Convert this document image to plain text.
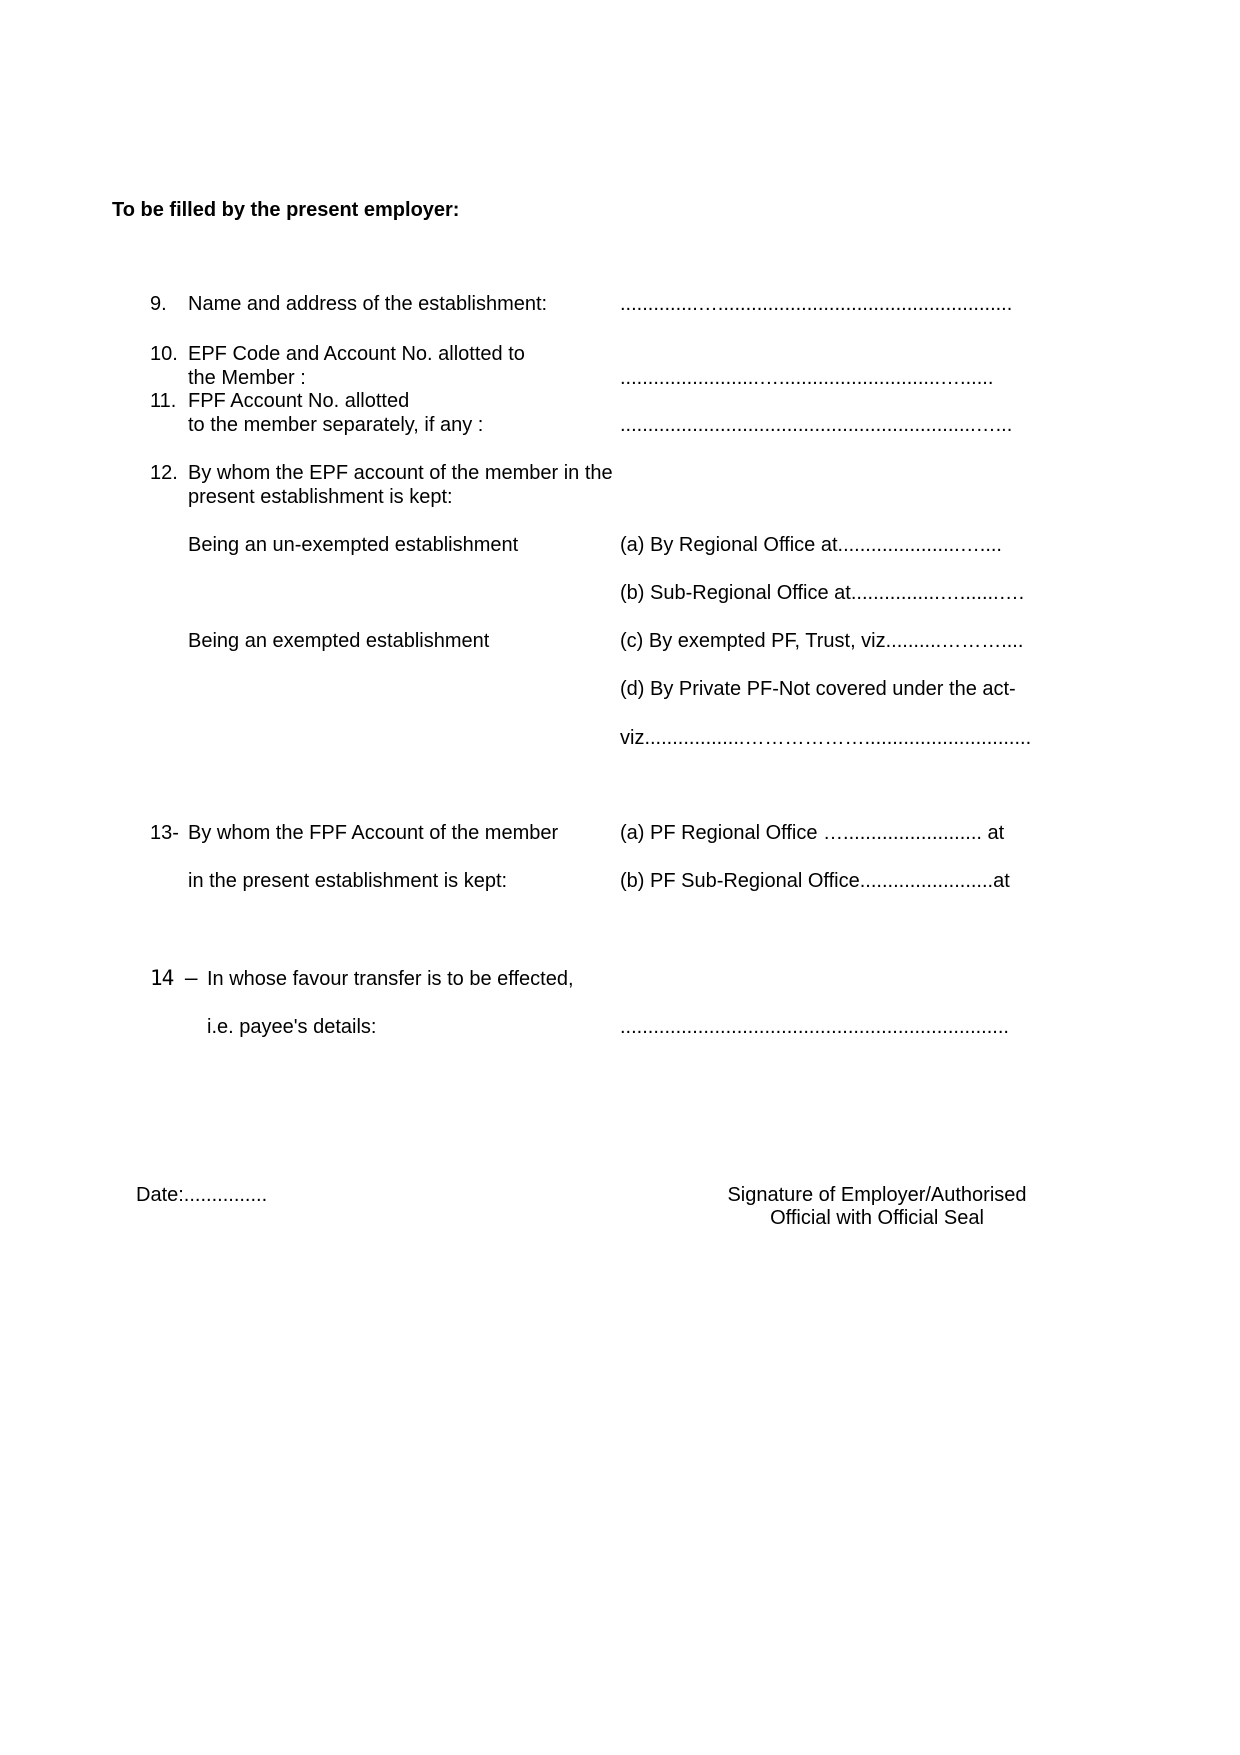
To be filled by the present employer:
9. Name and address of the establishment:	..............….....................................................
10. EPF Code and Account No. allotted to
the Member :	.........................….............................…......
11. FPF Account No. allotted
to the member separately, if any :	................................................................…...
12. By whom the EPF account of the member in the
present establishment is kept:
Being an un-exempted establishment	(a) By Regional Office at......................…....
(b) Sub-Regional Office at................….......….
Being an exempted establishment	(c) By exempted PF, Trust, viz..........………....
(d) By Private PF-Not covered under the act-
viz..................………………..............................
13- By whom the FPF Account of the member	(a) PF Regional Office …......................... at
in the present establishment is kept:	(b) PF Sub-Regional Office........................at
14 – In whose favour transfer is to be effected,
i.e. payee's details:	......................................................................
Date:...............	Signature of Employer/Authorised
Official with Official Seal
